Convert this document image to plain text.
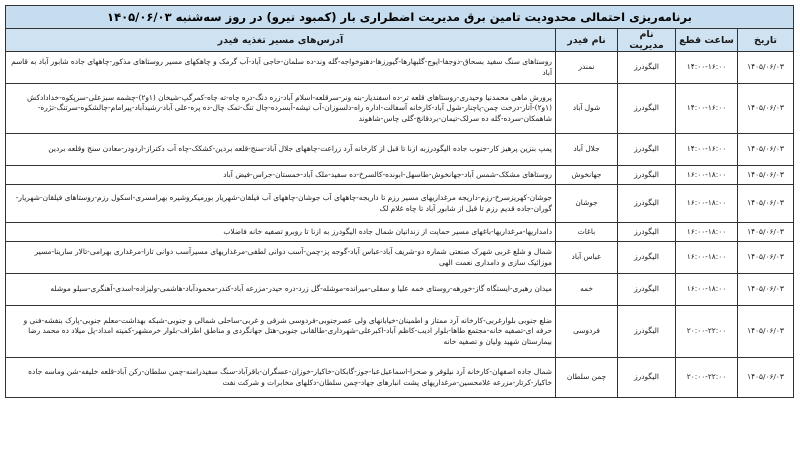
برنامه‌ریزی احتمالی محدودیت تامین برق مدیریت اضطراری بار (کمبود نیرو) در روز سه‌شنبه ۱۴۰۵/۰۶/۰۳
تاریخ	ساعت قطع	نام مدیریت	نام فیدر	آدرس‌های مسیر تغذیه فیدر
۱۴۰۵/۰۶/۰۳	۱۴:۰۰-۱۶:۰۰	الیگودرز	نمندر	روستاهای سنگ سفید بسحاق-دوجفا-ایوج-گلبهارها-گیورزها-دهنوخواجه-گله وند-ده سلمان-حاجی آباد-آب گرمک و چاهکهای مسیر روستاهای مذکور-چاههای جاده شابور آباد به قاسم آباد
۱۴۰۵/۰۶/۰۳	۱۴:۰۰-۱۶:۰۰	الیگودرز	شول آباد	پرورش ماهی محمدنیا وحیدری-روستاهای قلعه تر-ده اسفندیار-بنه ونر-سرقلعه-اسلام آباد-زره دنگ-دره چاه-ته چاه-کمرگپ-شیخان (۱و۲)-چشمه سبزعلی-سرپکوه-خداداد‌کش (۱و۲)-آتار-درخت چمن-پاچنار-شول آباد-کارخانه آسفالت-اداره راه-دلسوزان-آب تیشه-آبسرده-چال تنگ-تمک چال-ده پره-علی آباد-رشیدآباد-پیرامام-چالشکوه-سرتنگ-تژره-شاهمکان-سرده-گله ده سرلک-تیمان-بردقانچ-گلی چاس-شاهوند
۱۴۰۵/۰۶/۰۳	۱۴:۰۰-۱۶:۰۰	الیگودرز	جلال آباد	پمپ بنزین پرهیز کار-جنوب جاده الیگودرزبه ازنا تا قبل از کارخانه آرد زراعت-چاههای جلال آباد-سنج-قلعه بردین-کشکک-چاه آب دکتراز-اردودر-معادن سنج وقلعه بردین
۱۴۰۵/۰۶/۰۳	۱۶:۰۰-۱۸:۰۰	الیگودرز	جهانخوش	روستاهای مشکک-شمس آباد-جهانخوش-طاسهل-ابونده-کالسرخ-ده سفید-ملک آباد-خمستان-جراس-فیض آباد
۱۴۰۵/۰۶/۰۳	۱۶:۰۰-۱۸:۰۰	الیگودرز	جوشان	جوشان-کهریزسرخ-رزم-داریجه مرغداریهای مسیر رزم تا داریجه-چاههای آب جوشان-چاههای آب فیلقان-شهریار بورمیکروشیره بهرامسری-اسکول رزم-روستاهای فیلقان-شهریار-گوران-جاده قدیم رزم تا قبل از شابور آباد تا چاه غلام لک
۱۴۰۵/۰۶/۰۳	۱۶:۰۰-۱۸:۰۰	الیگودرز	باغات	دامداریها-مرغداریها-باغهای مسیر حمایت از زندانیان شمال جاده الیگودرز به ازنا تا روبرو تصفیه خانه فاضلاب
۱۴۰۵/۰۶/۰۳	۱۶:۰۰-۱۸:۰۰	الیگودرز	عباس آباد	شمال و شلع غربی شهرک صنعتی شماره دو-شریف آباد-عباس آباد-گوجه پز-چمن-آسب دوانی لطفی-مرغداریهای مسیرآسب دوانی تارا-مرغداری بهرامی-تالار سارینا-مسیر موزائیک سازی و دامداری نعمت الهی
۱۴۰۵/۰۶/۰۳	۱۶:۰۰-۱۸:۰۰	الیگودرز	خمه	میدان رهبری-ایستگاه گاز-خورهه-روستای خمه علیا و سفلی-میرانده-موشله-گل زرد-دره حیدر-مزرعه آباد-کندر-محمودآباد-هاشمی-ولیزاده-اسدی-آهنگری-سیلو موشله
۱۴۰۵/۰۶/۰۳	۲۰:۰۰-۲۲:۰۰	الیگودرز	فردوسی	ضلع جنوبی بلوارغربی-کارخانه آرد ممتاز و اطمینان-خیابانهای ولی عصرجنوبی-فردوسی شرقی و غربی-ساحلی شمالی و جنوبی-شبکه بهداشت-معلم جنوبی-پارک بنفشه-فنی و حرفه ای-تصفیه خانه-مجتمع طاها-بلوار ادیب-کاظم آباد-اکبرعلی-شهرداری-طالقانی جنوبی-هتل جهانگردی و مناطق اطراف-بلوار خرمشهر-کمیته امداد-پل میلاد ده محمد رضا بیمارستان شهید ولیان و تصفیه خانه
۱۴۰۵/۰۶/۰۳	۲۰:۰۰-۲۲:۰۰	الیگودرز	چمن سلطان	شمال جاده اصفهان-کارخانه آرد نیلوفر و صحرا-اسماعیل‌عبا-جوز-گابکان-خاکیار-خوزان-عسگران-باقرآباد-سنگ سفیدرامنه-چمن سلطان-رکن آباد-قلعه خلیفه-شن وماسه جاده خاکیار-کرتار-مزرعه غلامحسین-مرغداریهای پشت انبارهای جهاد-چمن سلطان-دکلهای مخابرات و شرکت نفت
